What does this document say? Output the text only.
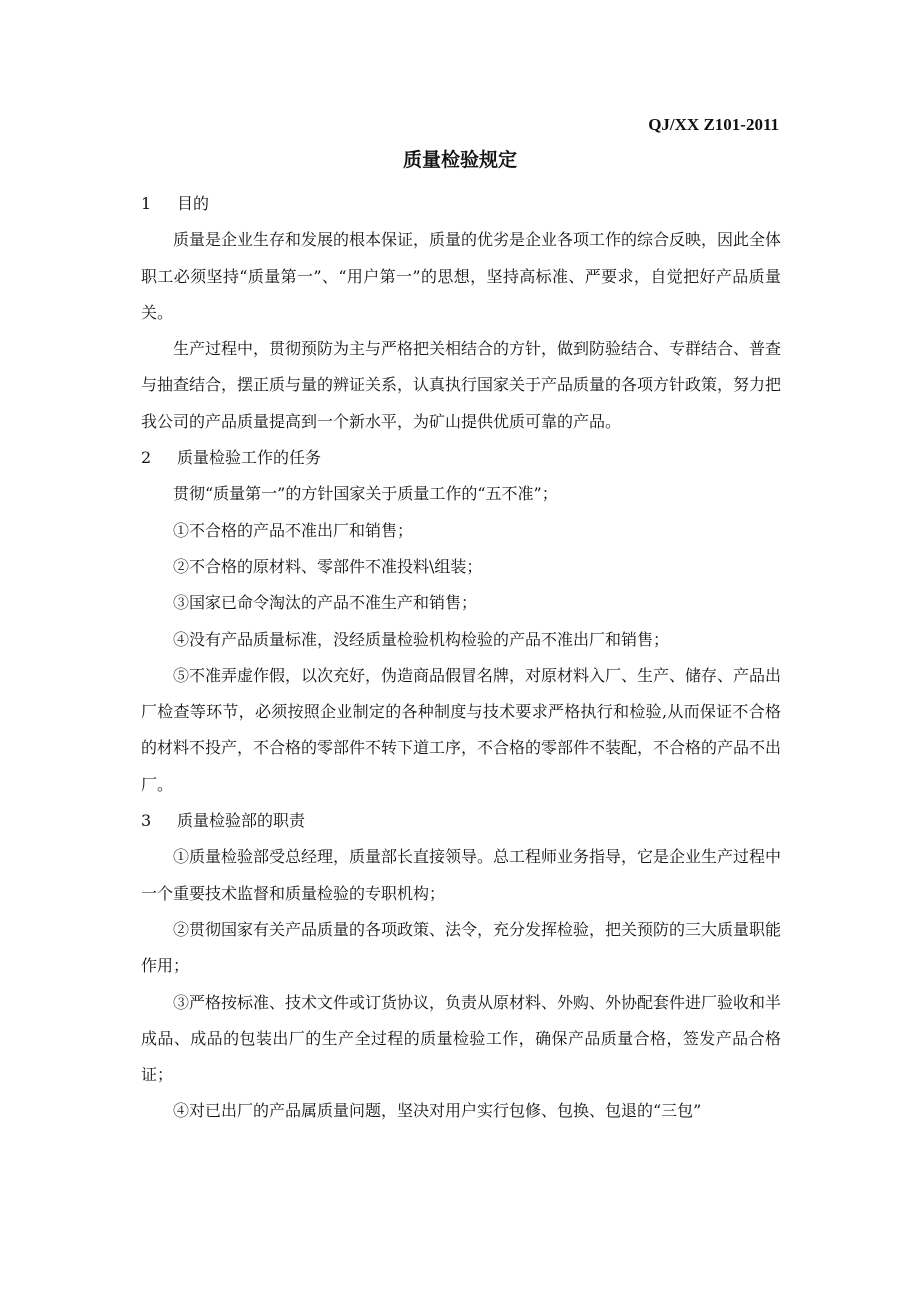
QJ/XX Z101-2011
质量检验规定
1	目的

质量是企业生存和发展的根本保证，质量的优劣是企业各项工作的综合反映，因此全体职工必须坚持“质量第一”、“用户第一”的思想，坚持高标准、严要求，自觉把好产品质量关。

生产过程中，贯彻预防为主与严格把关相结合的方针，做到防验结合、专群结合、普查与抽查结合，摆正质与量的辨证关系，认真执行国家关于产品质量的各项方针政策，努力把我公司的产品质量提高到一个新水平，为矿山提供优质可靠的产品。

2	质量检验工作的任务

贯彻“质量第一”的方针国家关于质量工作的“五不准”；

①不合格的产品不准出厂和销售；

②不合格的原材料、零部件不准投料\组装；

③国家已命令淘汰的产品不准生产和销售；

④没有产品质量标准，没经质量检验机构检验的产品不准出厂和销售；

⑤不准弄虚作假，以次充好，伪造商品假冒名牌，对原材料入厂、生产、储存、产品出厂检查等环节，必须按照企业制定的各种制度与技术要求严格执行和检验,从而保证不合格的材料不投产，不合格的零部件不转下道工序，不合格的零部件不装配，不合格的产品不出厂。

3	质量检验部的职责

①质量检验部受总经理，质量部长直接领导。总工程师业务指导，它是企业生产过程中一个重要技术监督和质量检验的专职机构；

②贯彻国家有关产品质量的各项政策、法令，充分发挥检验，把关预防的三大质量职能作用；

③严格按标准、技术文件或订货协议，负责从原材料、外购、外协配套件进厂验收和半成品、成品的包装出厂的生产全过程的质量检验工作，确保产品质量合格，签发产品合格证；

④对已出厂的产品属质量问题，坚决对用户实行包修、包换、包退的“三包”
